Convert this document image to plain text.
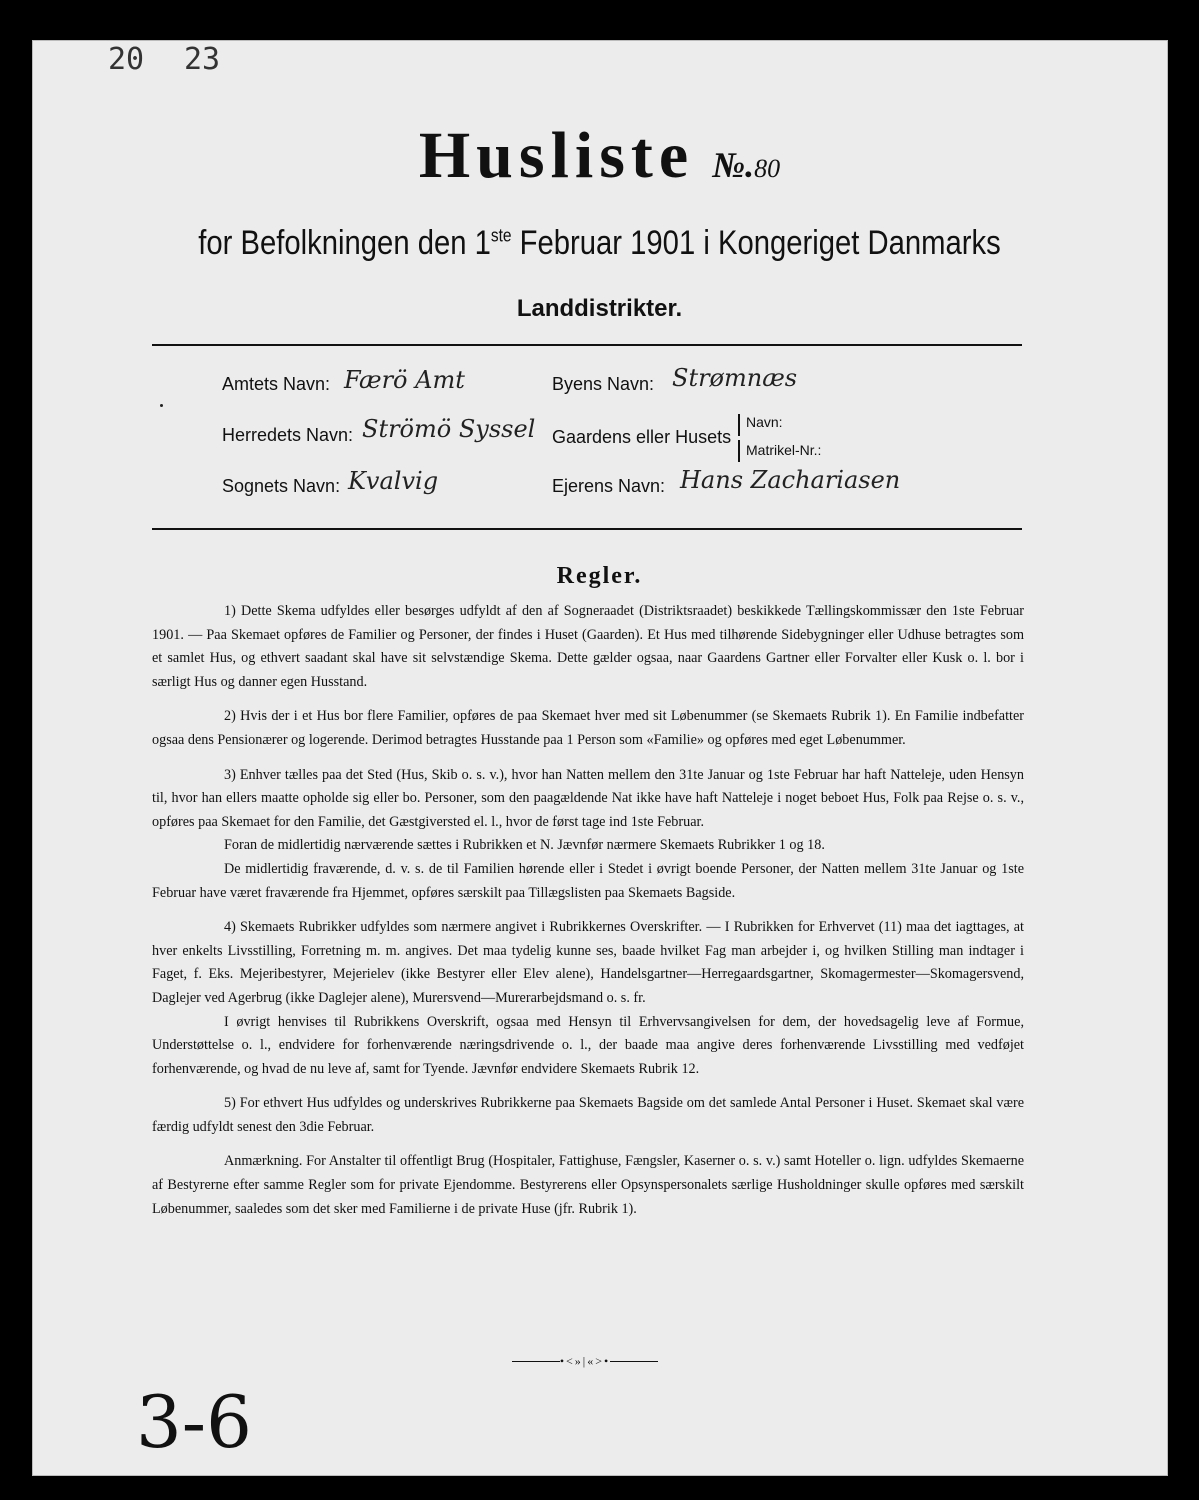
20 23
Husliste №.80
for Befolkningen den 1ste Februar 1901 i Kongeriget Danmarks
Landdistrikter.
Amtets Navn: Færö Amt
Herredets Navn: Strömö Syssel
Sognets Navn: Kvalvig
Byens Navn: Strømnæs
Gaardens eller Husets
Navn:
Matrikel-Nr.:
Ejerens Navn: Hans Zachariasen
Regler.

1) Dette Skema udfyldes eller besørges udfyldt af den af Sogneraadet (Distriktsraadet) beskikkede Tællingskommissær den 1ste Februar 1901. — Paa Skemaet opføres de Familier og Personer, der findes i Huset (Gaarden). Et Hus med tilhørende Sidebygninger eller Udhuse betragtes som et samlet Hus, og ethvert saadant skal have sit selvstændige Skema. Dette gælder ogsaa, naar Gaardens Gartner eller Forvalter eller Kusk o. l. bor i særligt Hus og danner egen Husstand.

2) Hvis der i et Hus bor flere Familier, opføres de paa Skemaet hver med sit Løbenummer (se Skemaets Rubrik 1). En Familie indbefatter ogsaa dens Pensionærer og logerende. Derimod betragtes Husstande paa 1 Person som «Familie» og opføres med eget Løbenummer.

3) Enhver tælles paa det Sted (Hus, Skib o. s. v.), hvor han Natten mellem den 31te Januar og 1ste Februar har haft Natteleje, uden Hensyn til, hvor han ellers maatte opholde sig eller bo. Personer, som den paagældende Nat ikke have haft Natteleje i noget beboet Hus, Folk paa Rejse o. s. v., opføres paa Skemaet for den Familie, det Gæstgiversted el. l., hvor de først tage ind 1ste Februar.

Foran de midlertidig nærværende sættes i Rubrikken et N. Jævnfør nærmere Skemaets Rubrikker 1 og 18.

De midlertidig fraværende, d. v. s. de til Familien hørende eller i Stedet i øvrigt boende Personer, der Natten mellem 31te Januar og 1ste Februar have været fraværende fra Hjemmet, opføres særskilt paa Tillægslisten paa Skemaets Bagside.

4) Skemaets Rubrikker udfyldes som nærmere angivet i Rubrikkernes Overskrifter. — I Rubrikken for Erhvervet (11) maa det iagttages, at hver enkelts Livsstilling, Forretning m. m. angives. Det maa tydelig kunne ses, baade hvilket Fag man arbejder i, og hvilken Stilling man indtager i Faget, f. Eks. Mejeribestyrer, Mejerielev (ikke Bestyrer eller Elev alene), Handelsgartner—Herregaardsgartner, Skomagermester—Skomagersvend, Daglejer ved Agerbrug (ikke Daglejer alene), Murersvend—Murerarbejdsmand o. s. fr.

I øvrigt henvises til Rubrikkens Overskrift, ogsaa med Hensyn til Erhvervsangivelsen for dem, der hovedsagelig leve af Formue, Understøttelse o. l., endvidere for forhenværende næringsdrivende o. l., der baade maa angive deres forhenværende Livsstilling med vedføjet forhenværende, og hvad de nu leve af, samt for Tyende. Jævnfør endvidere Skemaets Rubrik 12.

5) For ethvert Hus udfyldes og underskrives Rubrikkerne paa Skemaets Bagside om det samlede Antal Personer i Huset. Skemaet skal være færdig udfyldt senest den 3die Februar.

Anmærkning. For Anstalter til offentligt Brug (Hospitaler, Fattighuse, Fængsler, Kaserner o. s. v.) samt Hoteller o. lign. udfyldes Skemaerne af Bestyrerne efter samme Regler som for private Ejendomme. Bestyrerens eller Opsynspersonalets særlige Husholdninger skulle opføres med særskilt Løbenummer, saaledes som det sker med Familierne i de private Huse (jfr. Rubrik 1).

•<»|«>•
3-6
